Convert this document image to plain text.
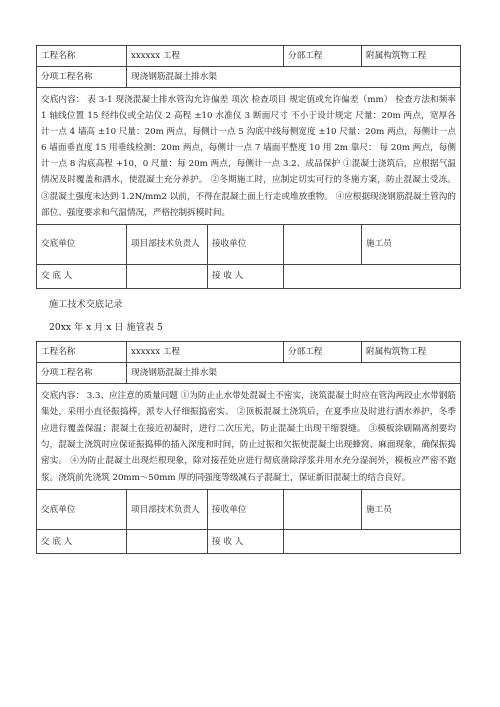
工程名称	xxxxxx 工程		分部工程	附属构筑物工程
分项工程名称	现浇钢筋混凝土排水渠			
交底内容： 表 3-1 现浇混凝土排水管沟允许偏差 项次 检查项目 规定值或允许偏差（mm） 检查方法和频率 1 轴线位置 15 经纬仪或全站仪 2 高程 ±10 水准仪 3 断面尺寸 不小于设计规定 尺量：20m 两点，宽厚各计一点 4 墙高 ±10 尺量：20m 两点，每侧计一点 5 沟底中线每侧宽度 ±10 尺量：20m 两点，每侧计一点 6 墙面垂直度 15 用垂线检测：20m 两点，每侧计一点 7 墙面平整度 10 用 2m 靠尺： 每 20m 两点，每侧计一点 8 沟底高程 +10，0 尺量：每 20m 两点，每侧计一点 3.2、成品保护 ①混凝土浇筑后，应根据气温情况及时覆盖和洒水，使混凝土充分养护。 ②冬期施工时，应制定切实可行的冬施方案，防止混凝土受冻。 ③混凝土强度未达到 1.2N/mm2 以前，不得在混凝土面上行走或堆放重物。 ④应根据现浇钢筋混凝土管沟的部位、强度要求和气温情况，严格控制拆模时间。				
交底单位	项目部技术负责人	接收单位		施工员
交 底 人		接 收 人		

施工技术交底记录

20xx 年 x 月 x 日 施管表 5

工程名称	xxxxxx 工程		分部工程	附属构筑物工程
分项工程名称	现浇钢筋混凝土排水渠			
交底内容： 3.3、应注意的质量问题 ①为防止止水带处混凝土不密实，浇筑混凝土时应在管沟两段止水带钢筋集处，采用小直径振捣棒，派专人仔细振捣密实。 ②顶板混凝土浇筑后，在夏季应及时进行洒水养护，冬季应进行覆盖保温；混凝土在接近初凝时，进行二次压光，防止混凝土出现干缩裂缝。 ③模板涂刷隔离剂要均匀，混凝土浇筑时应保证振捣棒的插入深度和时间，防止过振和欠振使混凝土出现蜂窝、麻面现象，确保振捣密实。 ④为防止混凝土出现烂根现象，除对接茬处应进行彻底凿除浮浆并用水充分湿润外，模板应严密不跑浆。浇筑前先浇筑 20mm～50mm 厚的同强度等级减石子混凝土，保证新旧混凝土的结合良好。				
交底单位	项目部技术负责人	接收单位		施工员
交 底 人		接 收 人		
